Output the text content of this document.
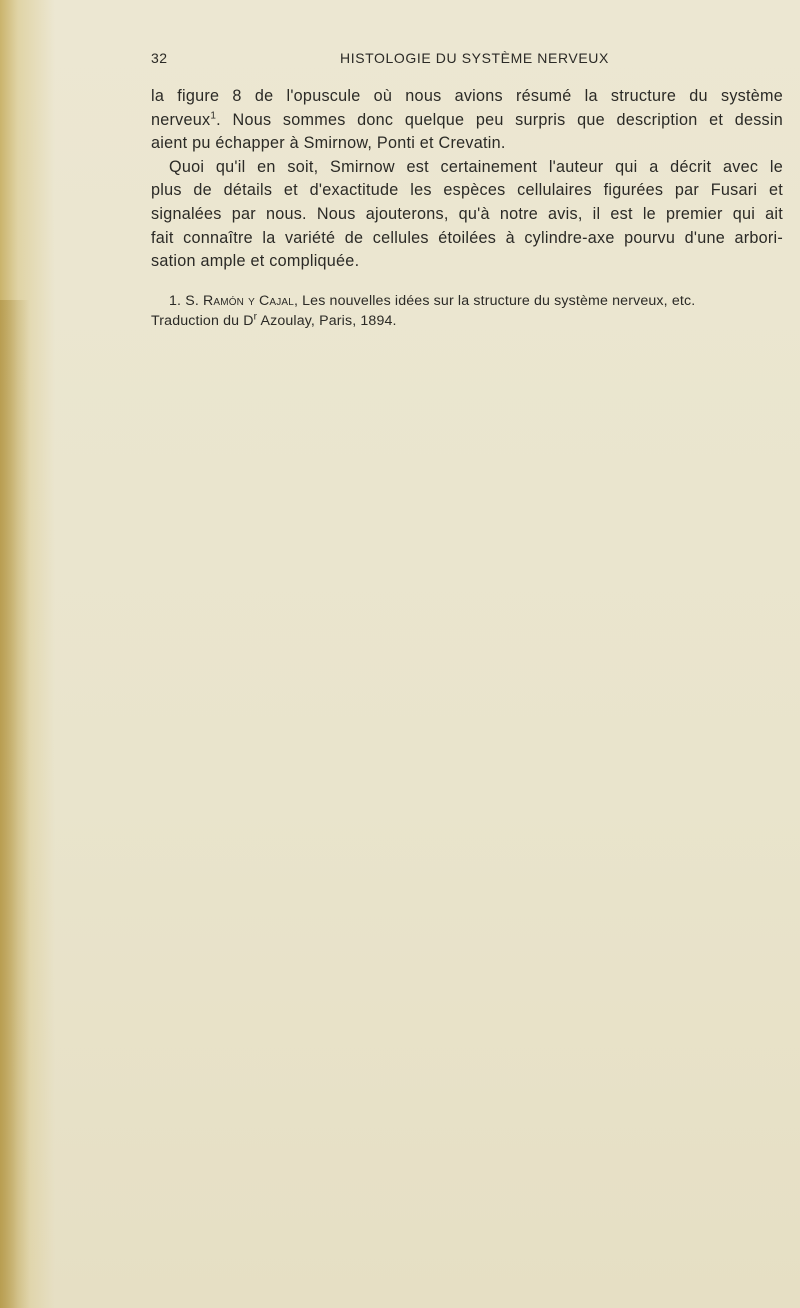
32	HISTOLOGIE DU SYSTÈME NERVEUX

la figure 8 de l'opuscule où nous avions résumé la structure du système
nerveux$^1$. Nous sommes donc quelque peu surpris que description et dessin
aient pu échapper à Smirnow, Ponti et Crevatin.

Quoi qu'il en soit, Smirnow est certainement l'auteur qui a décrit avec le
plus de détails et d'exactitude les espèces cellulaires figurées par Fusari et
signalées par nous. Nous ajouterons, qu'à notre avis, il est le premier qui ait
fait connaître la variété de cellules étoilées à cylindre-axe pourvu d'une arbori-
sation ample et compliquée.

1. S. Ramón y Cajal, Les nouvelles idées sur la structure du système nerveux, etc.
Traduction du $D^r$ Azoulay, Paris, 1894.
